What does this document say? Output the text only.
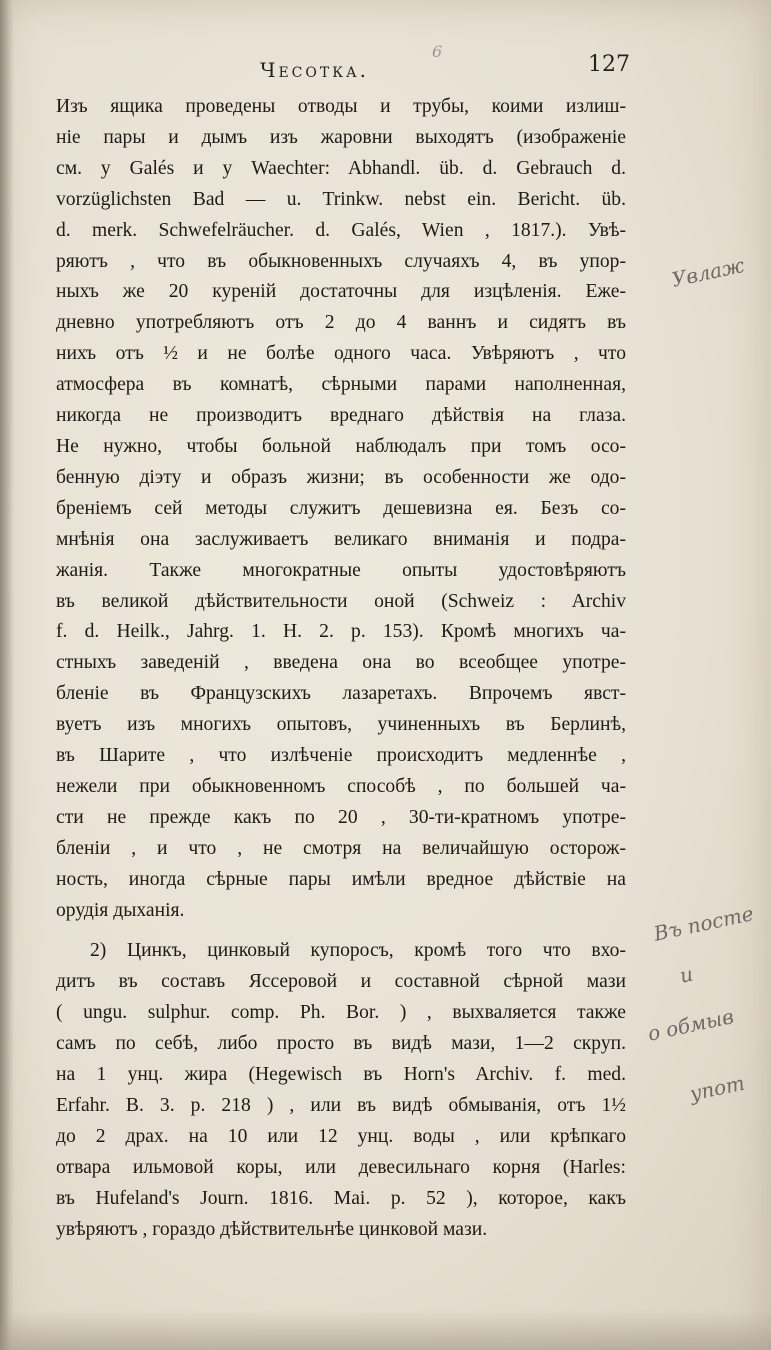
6
Чесотка.	127
Изъ ящика проведены отводы и трубы, коими излиш-
ніе пары и дымъ изъ жаровни выходятъ (изображеніе
см. у Galés и у Waechter: Abhandl. üb. d. Gebrauch d.
vorzüglichsten Bad — u. Trinkw. nebst ein. Bericht. üb.
d. merk. Schwefelräucher. d. Galés, Wien , 1817.). Увѣ-
ряютъ , что въ обыкновенныхъ случаяхъ 4, въ упор-
ныхъ же 20 куреній достаточны для изцѣленія. Еже-
дневно употребляютъ отъ 2 до 4 ваннъ и сидятъ въ
нихъ отъ ½ и не болѣе одного часа. Увѣряютъ , что
атмосфера въ комнатѣ, сѣрными парами наполненная,
никогда не производитъ вреднаго дѣйствія на глаза.
Не нужно, чтобы больной наблюдалъ при томъ осо-
бенную діэту и образъ жизни; въ особенности же одо-
бреніемъ сей методы служитъ дешевизна ея. Безъ со-
мнѣнія она заслуживаетъ великаго вниманія и подра-
жанія. Также многократные опыты удостовѣряютъ
въ великой дѣйствительности оной (Schweiz : Archiv
f. d. Heilk., Jahrg. 1. H. 2. p. 153). Кромѣ многихъ ча-
стныхъ заведеній , введена она во всеобщее употре-
бленіе въ Французскихъ лазаретахъ. Впрочемъ явст-
вуетъ изъ многихъ опытовъ, учиненныхъ въ Берлинѣ,
въ Шарите , что излѣченіе происходитъ медленнѣе ,
нежели при обыкновенномъ способѣ , по большей ча-
сти не прежде какъ по 20 , 30-ти-кратномъ употре-
бленіи , и что , не смотря на величайшую осторож-
ность, иногда сѣрные пары имѣли вредное дѣйствіе на
орудія дыханія.
2) Цинкъ, цинковый купоросъ, кромѣ того что вхо-
дитъ въ составъ Яссеровой и составной сѣрной мази
( ungu. sulphur. comp. Ph. Bor. ) , выхваляется также
самъ по себѣ, либо просто въ видѣ мази, 1—2 скруп.
на 1 унц. жира (Hegewisch въ Horn's Archiv. f. med.
Erfahr. B. 3. p. 218 ) , или въ видѣ обмыванія, отъ 1½
до 2 драх. на 10 или 12 унц. воды , или крѣпкаго
отвара ильмовой коры, или девесильнаго корня (Harles:
въ Hufeland's Journ. 1816. Mai. p. 52 ), которое, какъ
увѣряютъ , гораздо дѣйствительнѣе цинковой мази.
Увлаж
Въ посте
и
о обмыв
упот
